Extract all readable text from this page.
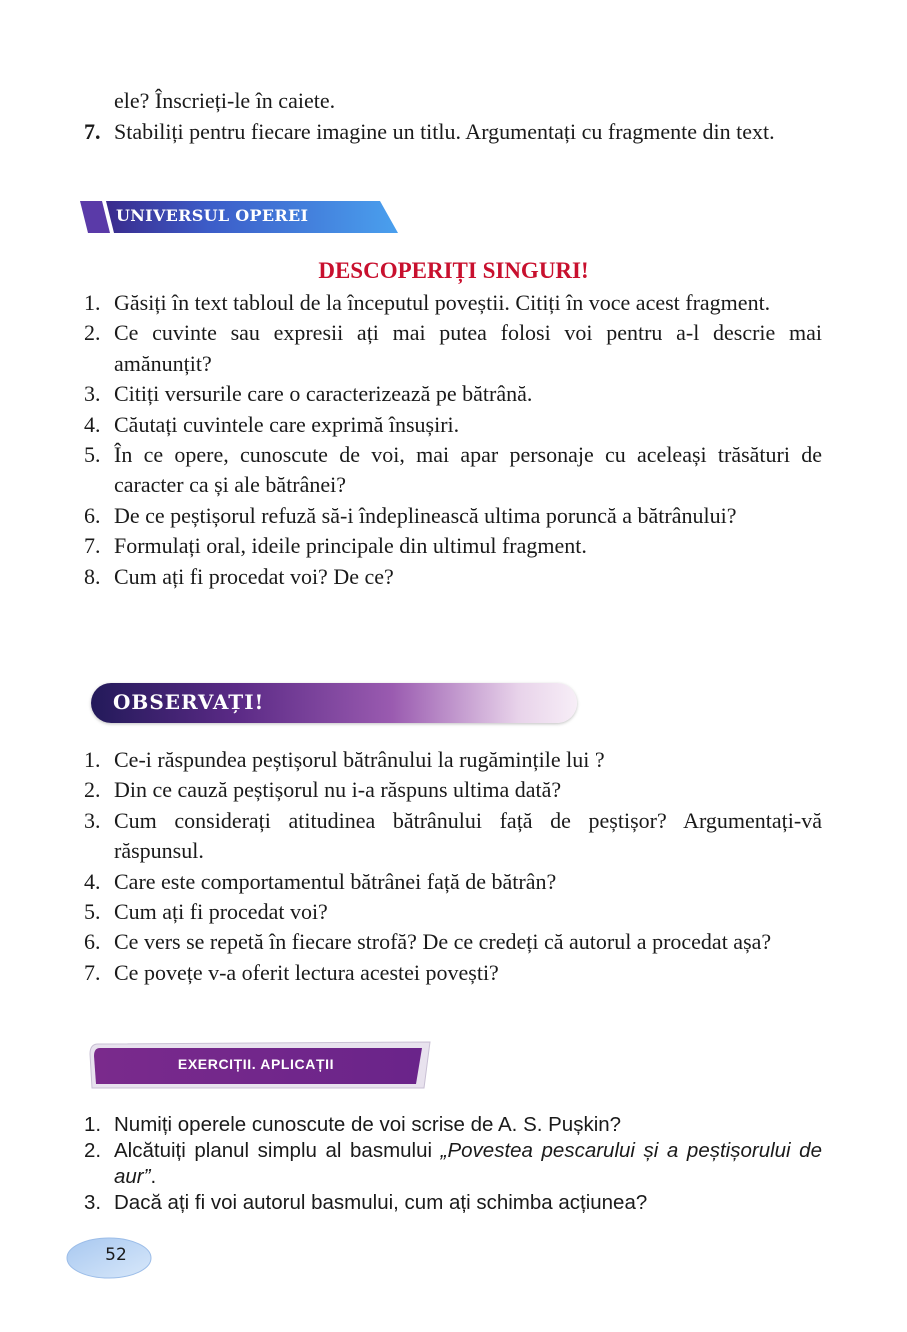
ele? Înscrieți-le în caiete.
7. Stabiliți pentru fiecare imagine un titlu. Argumentați cu fragmente din text.
UNIVERSUL OPEREI
DESCOPERIȚI SINGURI!
1. Găsiți în text tabloul de la începutul poveștii. Citiți în voce acest fragment.
2. Ce cuvinte sau expresii ați mai putea folosi voi pentru a-l descrie mai amănunțit?
3. Citiți versurile care o caracterizează pe bătrână.
4. Căutați cuvintele care exprimă însușiri.
5. În ce opere, cunoscute de voi, mai apar personaje cu aceleași trăsături de caracter ca și ale bătrânei?
6. De ce peștișorul refuză să-i îndeplinească ultima poruncă a bătrânului?
7. Formulați oral, ideile principale din ultimul fragment.
8. Cum ați fi procedat voi? De ce?
OBSERVAȚI!
1. Ce-i răspundea peștișorul bătrânului la rugămințile lui ?
2. Din ce cauză peștișorul nu i-a răspuns ultima dată?
3. Cum considerați atitudinea bătrânului față de peștișor? Argumentați-vă răspunsul.
4. Care este comportamentul bătrânei față de bătrân?
5. Cum ați fi procedat voi?
6. Ce vers se repetă în fiecare strofă? De ce credeți că autorul a procedat așa?
7. Ce povețe v-a oferit lectura acestei povești?
EXERCIȚII. APLICAȚII
1. Numiți operele cunoscute de voi scrise de A. S. Pușkin?
2. Alcătuiți planul simplu al basmului „Povestea pescarului și a peștișorului de aur”.
3. Dacă ați fi voi autorul basmului, cum ați schimba acțiunea?
52
